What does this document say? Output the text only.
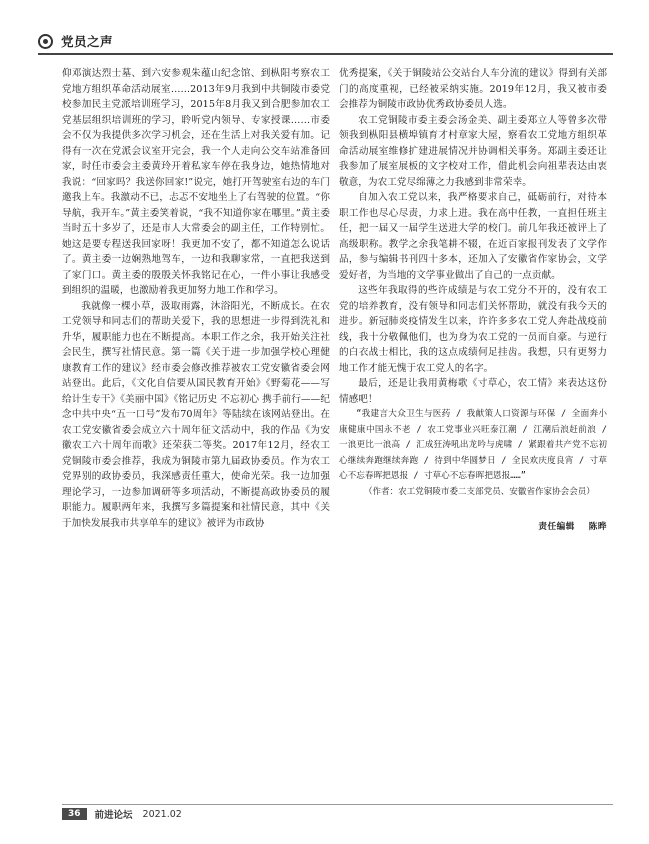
党员之声

仰邓演达烈士墓、到六安参观朱蕴山纪念馆、到枞阳考察农工党地方组织革命活动展室……2013年9月我到中共铜陵市委党校参加民主党派培训班学习，2015年8月我又到合肥参加农工党基层组织培训班的学习，聆听党内领导、专家授课……市委会不仅为我提供多次学习机会，还在生活上对我关爱有加。记得有一次在党派会议室开完会，我一个人走向公交车站准备回家，时任市委会主委黄玲开着私家车停在我身边，她热情地对我说：“回家吗？我送你回家!”说完，她打开驾驶室右边的车门邀我上车。我激动不已，忐忑不安地坐上了右驾驶的位置。“你导航，我开车。”黄主委笑着说，“我不知道你家在哪里。”黄主委当时五十多岁了，还是市人大常委会的副主任，工作特别忙。她这是要专程送我回家呀！我更加不安了，都不知道怎么说话了。黄主委一边娴熟地驾车，一边和我聊家常，一直把我送到了家门口。黄主委的殷殷关怀我铭记在心，一件小事让我感受到组织的温暖，也激励着我更加努力地工作和学习。

我就像一棵小草，汲取雨露，沐浴阳光，不断成长。在农工党领导和同志们的帮助关爱下，我的思想进一步得到洗礼和升华，履职能力也在不断提高。本职工作之余，我开始关注社会民生，撰写社情民意。第一篇《关于进一步加强学校心理健康教育工作的建议》经市委会修改推荐被农工党安徽省委会网站登出。此后，《文化自信要从国民教育开始》《野菊花——写给计生专干》《美丽中国》《铭记历史 不忘初心 携手前行——纪念中共中央“五一口号”发布70周年》等陆续在该网站登出。在农工党安徽省委会成立六十周年征文活动中，我的作品《为安徽农工六十周年而歌》还荣获二等奖。2017年12月，经农工党铜陵市委会推荐，我成为铜陵市第九届政协委员。作为农工党界别的政协委员，我深感责任重大，使命光荣。我一边加强理论学习，一边参加调研等多项活动，不断提高政协委员的履职能力。履职两年来，我撰写多篇提案和社情民意，其中《关于加快发展我市共享单车的建议》被评为市政协

优秀提案，《关于铜陵站公交站台人车分流的建议》得到有关部门的高度重视，已经被采纳实施。2019年12月，我又被市委会推荐为铜陵市政协优秀政协委员人选。

农工党铜陵市委主委会汤金美、副主委郑立人等曾多次带领我到枞阳县横埠镇育才村章家大屋，察看农工党地方组织革命活动展室维修扩建进展情况并协调相关事务。郑副主委还让我参加了展室展板的文字校对工作，借此机会向祖辈表达由衷敬意，为农工党尽绵薄之力我感到非常荣幸。

自加入农工党以来，我严格要求自己，砥砺前行，对待本职工作也尽心尽责，力求上进。我在高中任教，一直担任班主任，把一届又一届学生送进大学的校门。前几年我还被评上了高级职称。教学之余我笔耕不辍，在近百家报刊发表了文学作品，参与编辑书刊四十多本，还加入了安徽省作家协会，文学爱好者，为当地的文学事业做出了自己的一点贡献。

这些年我取得的些许成绩是与农工党分不开的，没有农工党的培养教育，没有领导和同志们关怀帮助，就没有我今天的进步。新冠肺炎疫情发生以来，许许多多农工党人奔赴战疫前线，我十分敬佩他们，也为身为农工党的一员而自豪。与逆行的白衣战士相比，我的这点成绩何足挂齿。我想，只有更努力地工作才能无愧于农工党人的名字。

最后，还是让我用黄梅歌《寸草心，农工情》来表达这份情感吧！

“我建言大众卫生与医药 / 我献策人口资源与环保 / 全面奔小康健康中国永不老 / 农工党事业兴旺泰江潮 / 江潮后浪赶前浪 / 一浪更比一浪高 / 汇成狂涛吼出龙吟与虎啸 / 紧跟着共产党不忘初心继续奔跑继续奔跑 / 待到中华圆梦日 / 全民欢庆度良宵 / 寸草心不忘春晖把恩报 / 寸草心不忘春晖把恩报……”

（作者：农工党铜陵市委二支部党员、安徽省作家协会会员）

责任编辑 陈晔

36	前进论坛 2021.02
